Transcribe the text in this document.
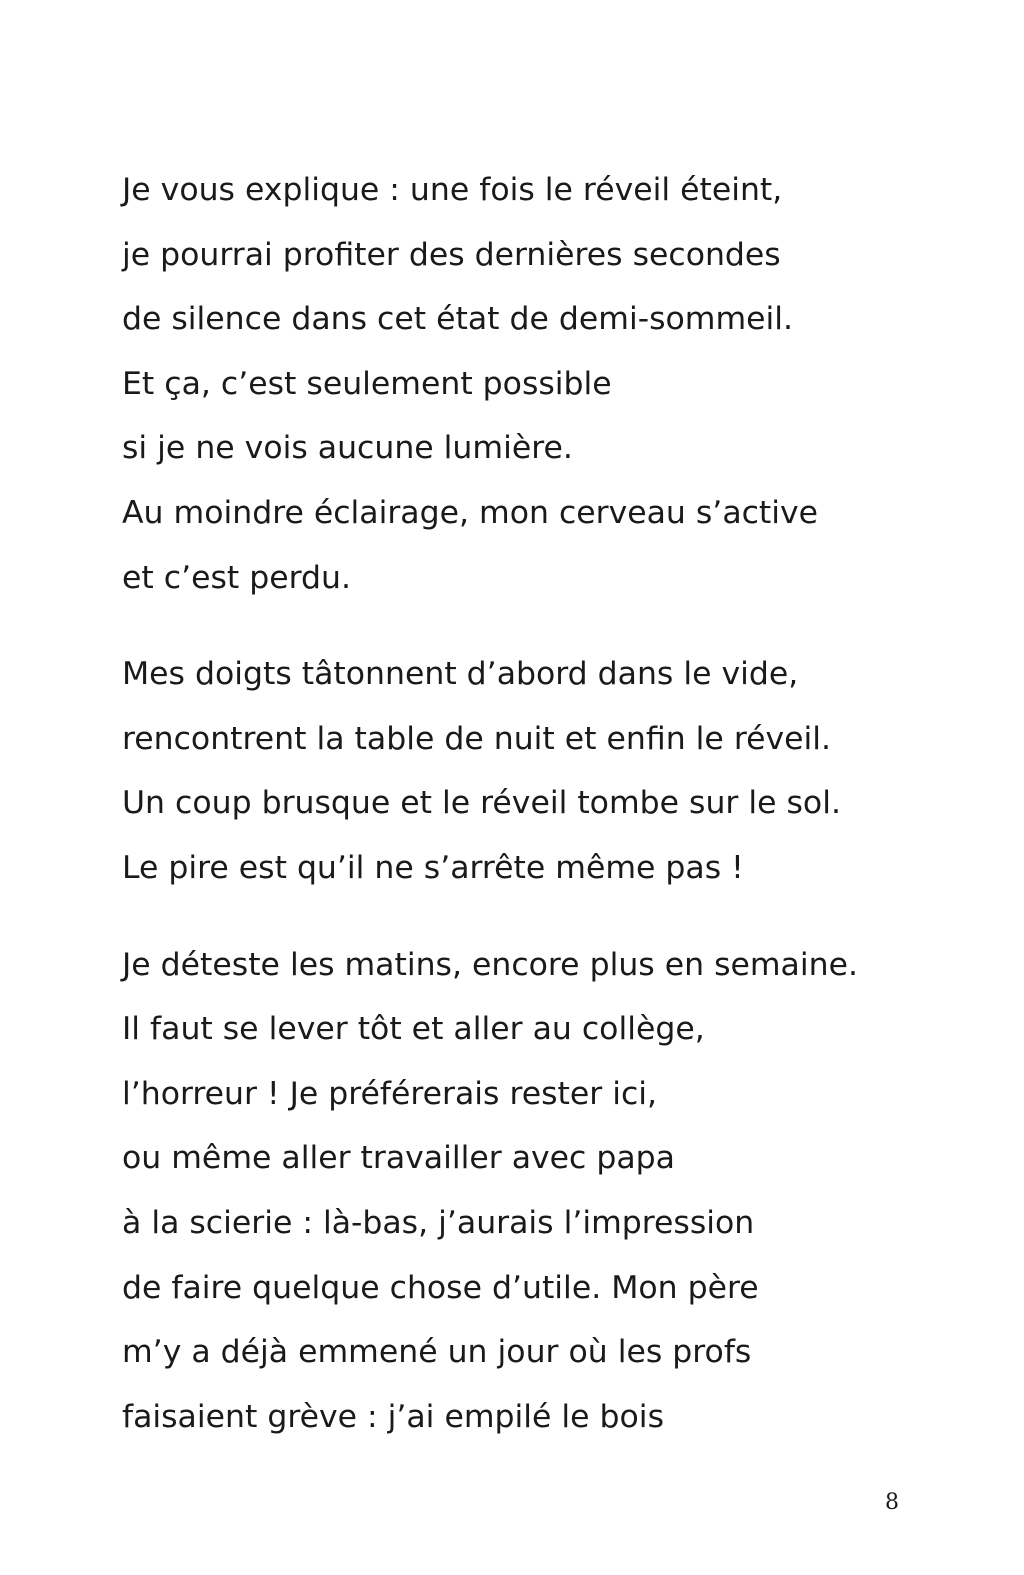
Je vous explique : une fois le réveil éteint,
je pourrai profiter des dernières secondes
de silence dans cet état de demi-sommeil.
Et ça, c’est seulement possible
si je ne vois aucune lumière.
Au moindre éclairage, mon cerveau s’active
et c’est perdu.
Mes doigts tâtonnent d’abord dans le vide,
rencontrent la table de nuit et enfin le réveil.
Un coup brusque et le réveil tombe sur le sol.
Le pire est qu’il ne s’arrête même pas !
Je déteste les matins, encore plus en semaine.
Il faut se lever tôt et aller au collège,
l’horreur ! Je préférerais rester ici,
ou même aller travailler avec papa
à la scierie : là-bas, j’aurais l’impression
de faire quelque chose d’utile. Mon père
m’y a déjà emmené un jour où les profs
faisaient grève : j’ai empilé le bois
8
